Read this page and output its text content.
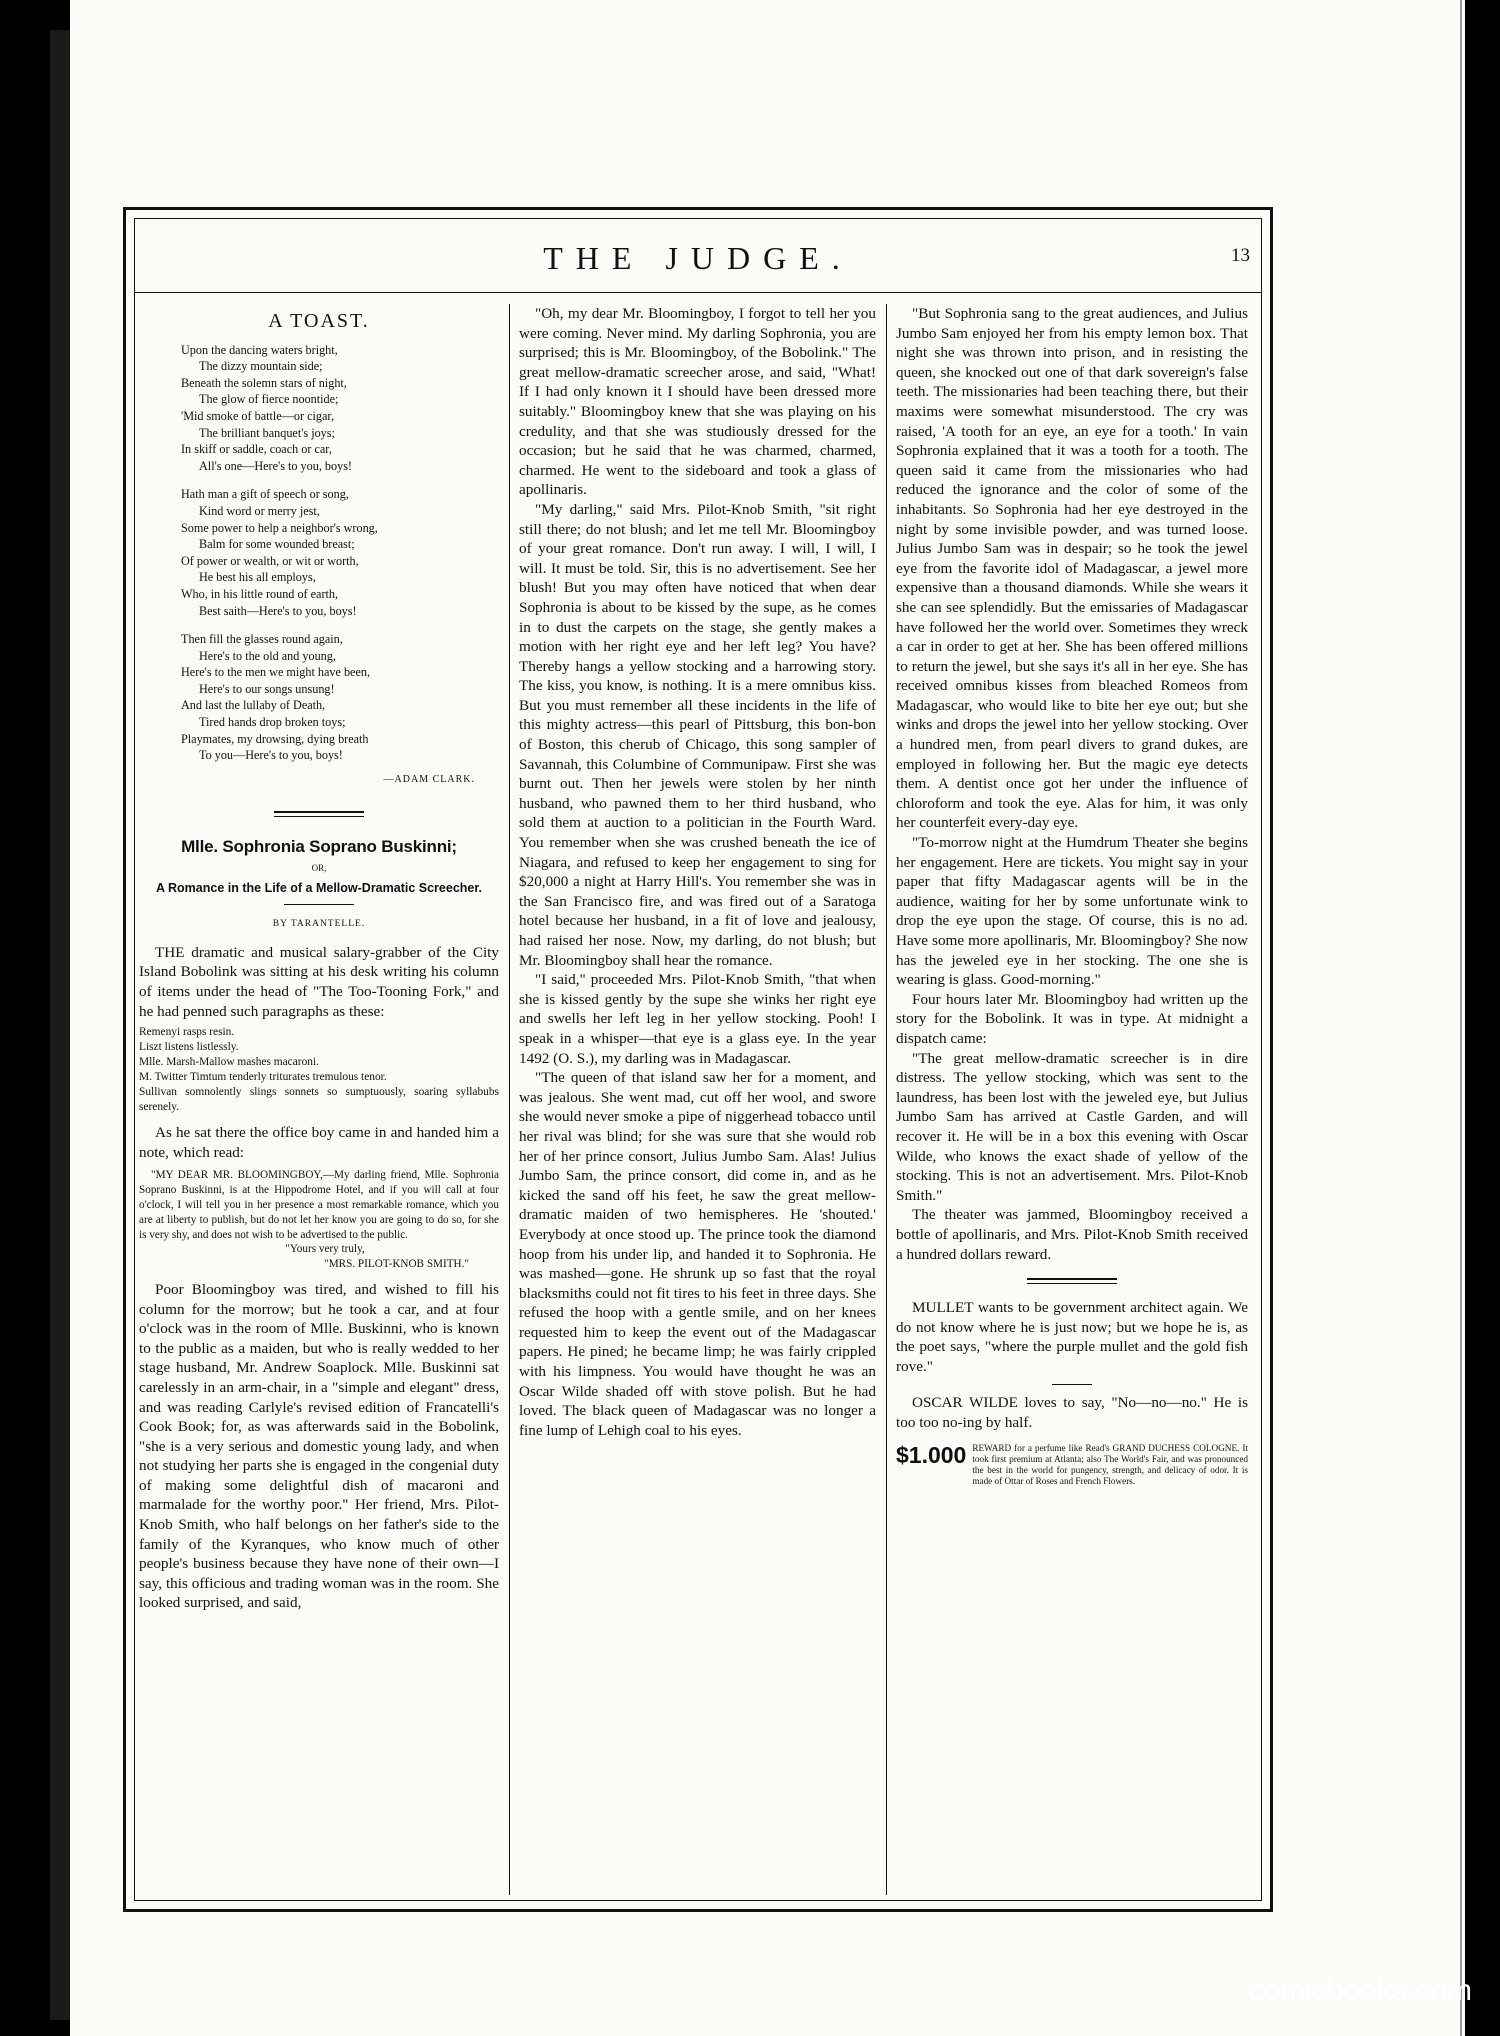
THE JUDGE.	13
A TOAST.

Upon the dancing waters bright,
The dizzy mountain side;
Beneath the solemn stars of night,
The glow of fierce noontide;
'Mid smoke of battle—or cigar,
The brilliant banquet's joys;
In skiff or saddle, coach or car,
All's one—Here's to you, boys!

Hath man a gift of speech or song,
Kind word or merry jest,
Some power to help a neighbor's wrong,
Balm for some wounded breast;
Of power or wealth, or wit or worth,
He best his all employs,
Who, in his little round of earth,
Best saith—Here's to you, boys!

Then fill the glasses round again,
Here's to the old and young,
Here's to the men we might have been,
Here's to our songs unsung!
And last the lullaby of Death,
Tired hands drop broken toys;
Playmates, my drowsing, dying breath
To you—Here's to you, boys!

—ADAM CLARK.
Mlle. Sophronia Soprano Buskinni;
OR,
A Romance in the Life of a Mellow-Dramatic Screecher.
BY TARANTELLE.

THE dramatic and musical salary-grabber of the City Island Bobolink was sitting at his desk writing his column of items under the head of "The Too-Tooning Fork," and he had penned such paragraphs as these:

Remenyi rasps resin.

Liszt listens listlessly.

Mlle. Marsh-Mallow mashes macaroni.

M. Twitter Timtum tenderly triturates tremulous tenor.

Sullivan somnolently slings sonnets so sumptuously, soaring syllabubs serenely.

As he sat there the office boy came in and handed him a note, which read:

"MY DEAR MR. BLOOMINGBOY,—My darling friend, Mlle. Sophronia Soprano Buskinni, is at the Hippodrome Hotel, and if you will call at four o'clock, I will tell you in her presence a most remarkable romance, which you are at liberty to publish, but do not let her know you are going to do so, for she is very shy, and does not wish to be advertised to the public.

"Yours very truly,

"MRS. PILOT-KNOB SMITH."

Poor Bloomingboy was tired, and wished to fill his column for the morrow; but he took a car, and at four o'clock was in the room of Mlle. Buskinni, who is known to the public as a maiden, but who is really wedded to her stage husband, Mr. Andrew Soaplock. Mlle. Buskinni sat carelessly in an arm-chair, in a "simple and elegant" dress, and was reading Carlyle's revised edition of Francatelli's Cook Book; for, as was afterwards said in the Bobolink, "she is a very serious and domestic young lady, and when not studying her parts she is engaged in the congenial duty of making some delightful dish of macaroni and marmalade for the worthy poor." Her friend, Mrs. Pilot-Knob Smith, who half belongs on her father's side to the family of the Kyranques, who know much of other people's business because they have none of their own—I say, this officious and trading woman was in the room. She looked surprised, and said,

"Oh, my dear Mr. Bloomingboy, I forgot to tell her you were coming. Never mind. My darling Sophronia, you are surprised; this is Mr. Bloomingboy, of the Bobolink." The great mellow-dramatic screecher arose, and said, "What! If I had only known it I should have been dressed more suitably." Bloomingboy knew that she was playing on his credulity, and that she was studiously dressed for the occasion; but he said that he was charmed, charmed, charmed. He went to the sideboard and took a glass of apollinaris.

"My darling," said Mrs. Pilot-Knob Smith, "sit right still there; do not blush; and let me tell Mr. Bloomingboy of your great romance. Don't run away. I will, I will, I will. It must be told. Sir, this is no advertisement. See her blush! But you may often have noticed that when dear Sophronia is about to be kissed by the supe, as he comes in to dust the carpets on the stage, she gently makes a motion with her right eye and her left leg? You have? Thereby hangs a yellow stocking and a harrowing story. The kiss, you know, is nothing. It is a mere omnibus kiss. But you must remember all these incidents in the life of this mighty actress—this pearl of Pittsburg, this bon-bon of Boston, this cherub of Chicago, this song sampler of Savannah, this Columbine of Communipaw. First she was burnt out. Then her jewels were stolen by her ninth husband, who pawned them to her third husband, who sold them at auction to a politician in the Fourth Ward. You remember when she was crushed beneath the ice of Niagara, and refused to keep her engagement to sing for $20,000 a night at Harry Hill's. You remember she was in the San Francisco fire, and was fired out of a Saratoga hotel because her husband, in a fit of love and jealousy, had raised her nose. Now, my darling, do not blush; but Mr. Bloomingboy shall hear the romance.

"I said," proceeded Mrs. Pilot-Knob Smith, "that when she is kissed gently by the supe she winks her right eye and swells her left leg in her yellow stocking. Pooh! I speak in a whisper—that eye is a glass eye. In the year 1492 (O. S.), my darling was in Madagascar.

"The queen of that island saw her for a moment, and was jealous. She went mad, cut off her wool, and swore she would never smoke a pipe of niggerhead tobacco until her rival was blind; for she was sure that she would rob her of her prince consort, Julius Jumbo Sam. Alas! Julius Jumbo Sam, the prince consort, did come in, and as he kicked the sand off his feet, he saw the great mellow-dramatic maiden of two hemispheres. He 'shouted.' Everybody at once stood up. The prince took the diamond hoop from his under lip, and handed it to Sophronia. He was mashed—gone. He shrunk up so fast that the royal blacksmiths could not fit tires to his feet in three days. She refused the hoop with a gentle smile, and on her knees requested him to keep the event out of the Madagascar papers. He pined; he became limp; he was fairly crippled with his limpness. You would have thought he was an Oscar Wilde shaded off with stove polish. But he had loved. The black queen of Madagascar was no longer a fine lump of Lehigh coal to his eyes.

"But Sophronia sang to the great audiences, and Julius Jumbo Sam enjoyed her from his empty lemon box. That night she was thrown into prison, and in resisting the queen, she knocked out one of that dark sovereign's false teeth. The missionaries had been teaching there, but their maxims were somewhat misunderstood. The cry was raised, 'A tooth for an eye, an eye for a tooth.' In vain Sophronia explained that it was a tooth for a tooth. The queen said it came from the missionaries who had reduced the ignorance and the color of some of the inhabitants. So Sophronia had her eye destroyed in the night by some invisible powder, and was turned loose. Julius Jumbo Sam was in despair; so he took the jewel eye from the favorite idol of Madagascar, a jewel more expensive than a thousand diamonds. While she wears it she can see splendidly. But the emissaries of Madagascar have followed her the world over. Sometimes they wreck a car in order to get at her. She has been offered millions to return the jewel, but she says it's all in her eye. She has received omnibus kisses from bleached Romeos from Madagascar, who would like to bite her eye out; but she winks and drops the jewel into her yellow stocking. Over a hundred men, from pearl divers to grand dukes, are employed in following her. But the magic eye detects them. A dentist once got her under the influence of chloroform and took the eye. Alas for him, it was only her counterfeit every-day eye.

"To-morrow night at the Humdrum Theater she begins her engagement. Here are tickets. You might say in your paper that fifty Madagascar agents will be in the audience, waiting for her by some unfortunate wink to drop the eye upon the stage. Of course, this is no ad. Have some more apollinaris, Mr. Bloomingboy? She now has the jeweled eye in her stocking. The one she is wearing is glass. Good-morning."

Four hours later Mr. Bloomingboy had written up the story for the Bobolink. It was in type. At midnight a dispatch came:

"The great mellow-dramatic screecher is in dire distress. The yellow stocking, which was sent to the laundress, has been lost with the jeweled eye, but Julius Jumbo Sam has arrived at Castle Garden, and will recover it. He will be in a box this evening with Oscar Wilde, who knows the exact shade of yellow of the stocking. This is not an advertisement. Mrs. Pilot-Knob Smith."

The theater was jammed, Bloomingboy received a bottle of apollinaris, and Mrs. Pilot-Knob Smith received a hundred dollars reward.

MULLET wants to be government architect again. We do not know where he is just now; but we hope he is, as the poet says, "where the purple mullet and the gold fish rove."

OSCAR WILDE loves to say, "No—no—no." He is too too no-ing by half.

$1.000 REWARD for a perfume like Read's GRAND DUCHESS COLOGNE. It took first premium at Atlanta; also The World's Fair, and was pronounced the best in the world for pungency, strength, and delicacy of odor. It is made of Ottar of Roses and French Flowers.
comicbooks.com
